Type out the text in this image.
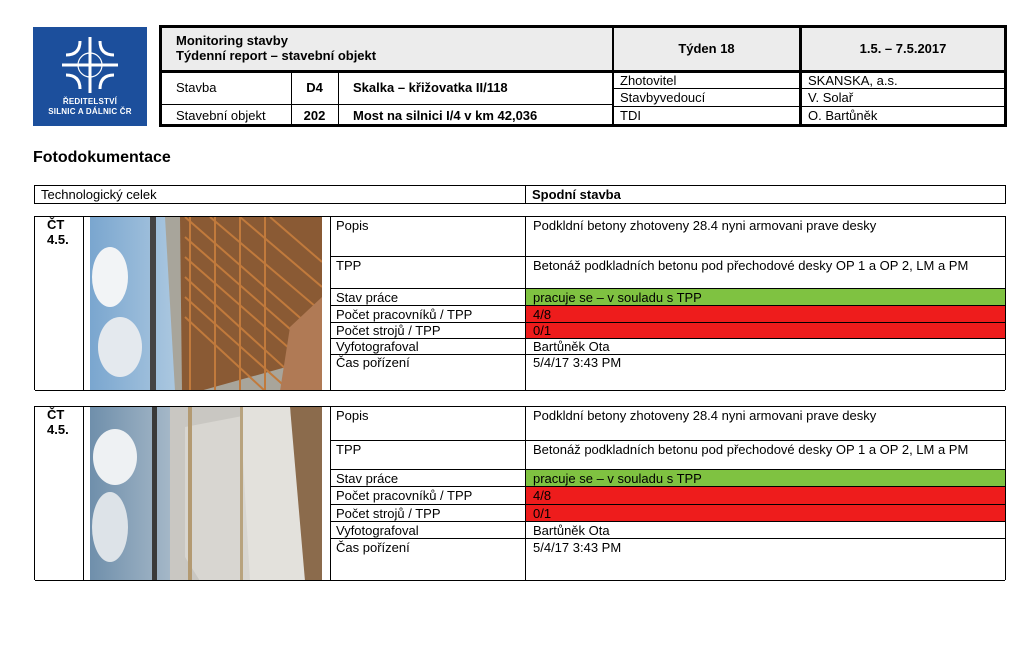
ŘEDITELSTVÍ
SILNIC A DÁLNIC ČR
Monitoring stavby
Týdenní report – stavební objekt	Týden 18	1.5. – 7.5.2017
Stavba	D4	Skalka – křižovatka II/118
Stavební objekt	202	Most na silnici I/4 v km 42,036
Zhotovitel	SKANSKA, a.s.
Stavbyvedoucí	V. Solař
TDI	O. Bartůněk
Fotodokumentace
Technologický celek	Spodní stavba
ČT
4.5.
Popis	Podkldní betony zhotoveny 28.4 nyni armovani prave desky
TPP	Betonáž podkladních betonu pod přechodové desky OP 1 a OP 2, LM a PM
Stav práce	pracuje se – v souladu s TPP
Počet pracovníků / TPP	4/8
Počet strojů / TPP	0/1
Vyfotografoval	Bartůněk Ota
Čas pořízení	5/4/17 3:43 PM
ČT
4.5.
Popis	Podkldní betony zhotoveny 28.4 nyni armovani prave desky
TPP	Betonáž podkladních betonu pod přechodové desky OP 1 a OP 2, LM a PM
Stav práce	pracuje se – v souladu s TPP
Počet pracovníků / TPP	4/8
Počet strojů / TPP	0/1
Vyfotografoval	Bartůněk Ota
Čas pořízení	5/4/17 3:43 PM
